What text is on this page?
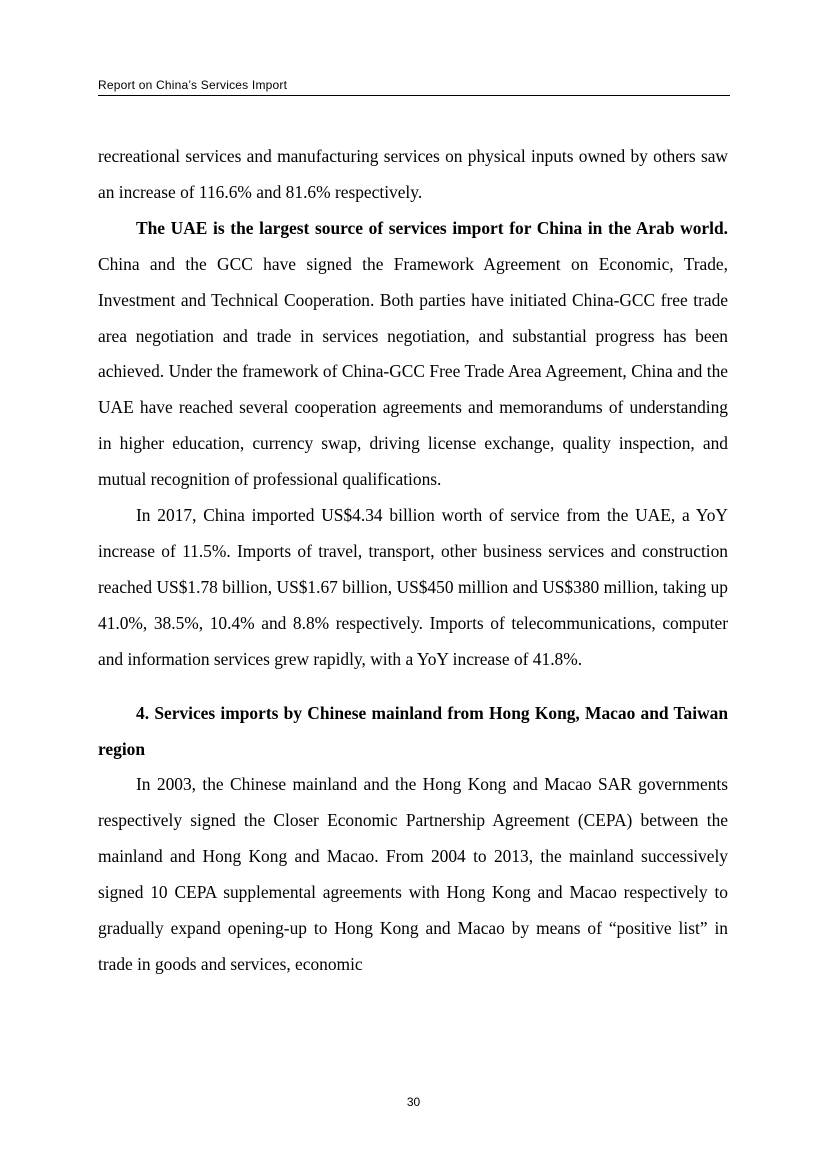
Report on China’s Services Import

recreational services and manufacturing services on physical inputs owned by others saw an increase of 116.6% and 81.6% respectively.

The UAE is the largest source of services import for China in the Arab world. China and the GCC have signed the Framework Agreement on Economic, Trade, Investment and Technical Cooperation. Both parties have initiated China-GCC free trade area negotiation and trade in services negotiation, and substantial progress has been achieved. Under the framework of China-GCC Free Trade Area Agreement, China and the UAE have reached several cooperation agreements and memorandums of understanding in higher education, currency swap, driving license exchange, quality inspection, and mutual recognition of professional qualifications.

In 2017, China imported US$4.34 billion worth of service from the UAE, a YoY increase of 11.5%. Imports of travel, transport, other business services and construction reached US$1.78 billion, US$1.67 billion, US$450 million and US$380 million, taking up 41.0%, 38.5%, 10.4% and 8.8% respectively. Imports of telecommunications, computer and information services grew rapidly, with a YoY increase of 41.8%.

4. Services imports by Chinese mainland from Hong Kong, Macao and Taiwan region

In 2003, the Chinese mainland and the Hong Kong and Macao SAR governments respectively signed the Closer Economic Partnership Agreement (CEPA) between the mainland and Hong Kong and Macao. From 2004 to 2013, the mainland successively signed 10 CEPA supplemental agreements with Hong Kong and Macao respectively to gradually expand opening-up to Hong Kong and Macao by means of “positive list” in trade in goods and services, economic

30
